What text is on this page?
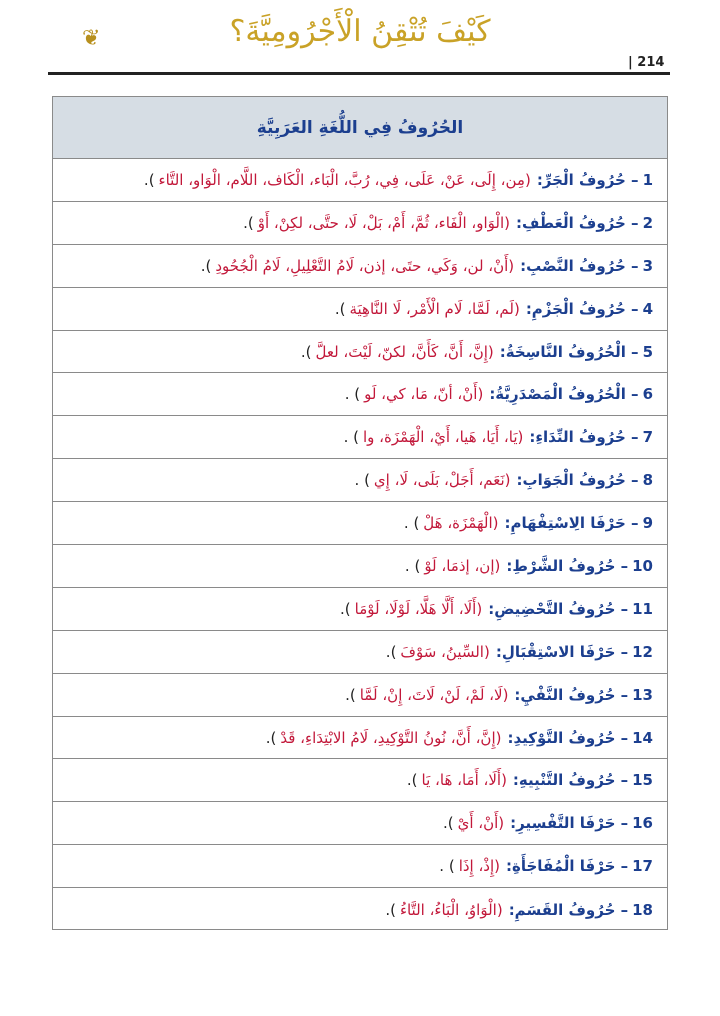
❦	كَيْفَ تُتْقِنُ الْأَجْرُومِيَّةَ؟
| 214
الحُرُوفُ فِي اللُّغَةِ العَرَبِيَّةِ
1
– حُرُوفُ الْجَرِّ:
(مِن، إِلَى، عَنْ، عَلَى، فِي، رُبَّ، الْبَاء، الْكَاف، اللَّام، الْوَاو، التَّاء
).
2
– حُرُوفُ الْعَطْفِ:
(الْوَاو، الْفَاء، ثُمَّ، أَمْ، بَلْ، لَا، حتَّى، لكِنْ، أَوْ
).
3
– حُرُوفُ النَّصْبِ:
(أَنْ، لن، وَكَي، حتَى، إذن، لَامُ التَّعْلِيلِ، لَامُ الْجُحُودِ
).
4
– حُرُوفُ الْجَزْمِ:
(لَم، لَمَّا، لَام الْأَمْر، لَا النَّاهِيَة
).
5
– الْحُرُوفُ النَّاسِخَةُ:
(إِنَّ، أَنَّ، كَأَنَّ، لكنّ، لَيْتَ، لعلَّ
).
6
– الْحُرُوفُ الْمَصْدَرِيَّةُ:
(أَنْ، أنّ، مَا، كي، لَو
) .
7
– حُرُوفُ النِّدَاءِ:
(يَا، أَيَا، هَيا، أَيْ، الْهَمْزَة، وا
) .
8
– حُرُوفُ الْجَوَابِ:
(نَعَم، أَجَلْ، بَلَى، لَا، إِي
) .
9
– حَرْفَا الِاسْتِفْهَامِ:
(الْهَمْزَة، هَلْ
) .
10
– حُرُوفُ الشَّرْطِ:
(إن، إذمَا، لَوْ
) .
11
– حُرُوفُ التَّحْضِيضِ:
(أَلَا، أَلَّا هَلَّا، لَوْلَا، لَوْمَا
).
12
– حَرْفَا الاسْتِقْبَالِ:
(السِّينُ، سَوْفَ
).
13
– حُرُوفُ النَّفْيِ:
(لَا، لَمْ، لَنْ، لَاتَ، إِنْ، لَمَّا
).
14
– حُرُوفُ التَّوْكِيدِ:
(إِنَّ، أَنَّ، نُونُ التَّوْكِيدِ، لَامُ الابْتِدَاءِ، قَدْ
).
15
– حُرُوفُ التَّنْبِيهِ:
(أَلَا، أَمَا، هَا، يَا
).
16
– حَرْفَا التَّفْسِيرِ:
(أَنْ، أَيْ
).
17
– حَرْفَا الْمُفَاجَأَةِ:
(إِذْ، إِذَا
) .
18
– حُرُوفُ القَسَمِ:
(الْوَاوُ، الْبَاءُ، التَّاءُ
).
